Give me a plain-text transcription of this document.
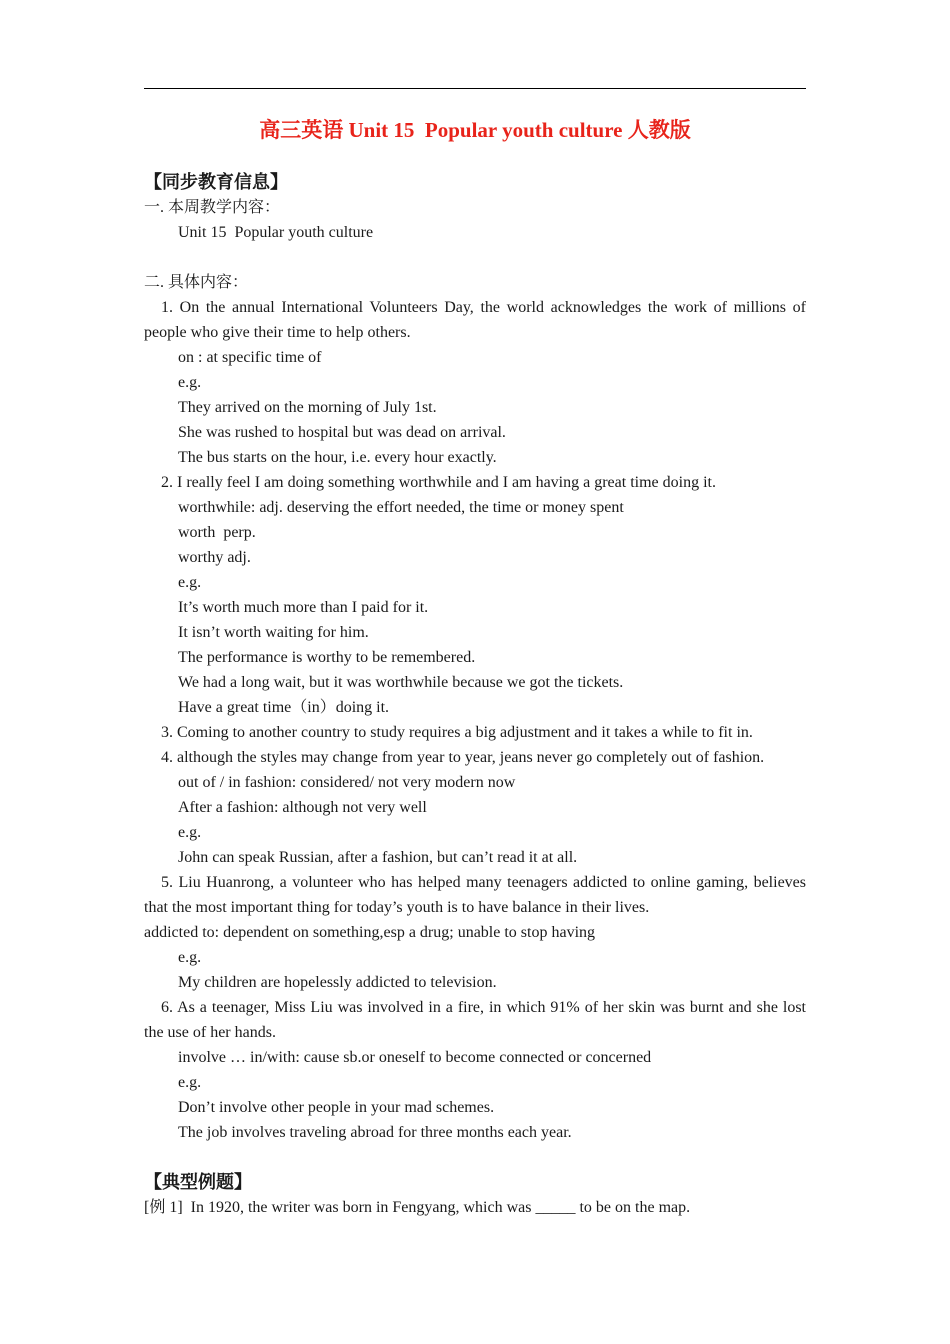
高三英语 Unit 15  Popular youth culture 人教版
【同步教育信息】
一. 本周教学内容：
Unit 15  Popular youth culture
二. 具体内容：
1. On the annual International Volunteers Day, the world acknowledges the work of millions of people who give their time to help others.
on : at specific time of
e.g.
They arrived on the morning of July 1st.
She was rushed to hospital but was dead on arrival.
The bus starts on the hour, i.e. every hour exactly.
2. I really feel I am doing something worthwhile and I am having a great time doing it.
worthwhile: adj. deserving the effort needed, the time or money spent
worth  perp.
worthy adj.
e.g.
It’s worth much more than I paid for it.
It isn’t worth waiting for him.
The performance is worthy to be remembered.
We had a long wait, but it was worthwhile because we got the tickets.
Have a great time（in）doing it.
3. Coming to another country to study requires a big adjustment and it takes a while to fit in.
4. although the styles may change from year to year, jeans never go completely out of fashion.
out of / in fashion: considered/ not very modern now
After a fashion: although not very well
e.g.
John can speak Russian, after a fashion, but can’t read it at all.
5. Liu Huanrong, a volunteer who has helped many teenagers addicted to online gaming, believes that the most important thing for today’s youth is to have balance in their lives.
addicted to: dependent on something,esp a drug; unable to stop having
e.g.
My children are hopelessly addicted to television.
6. As a teenager, Miss Liu was involved in a fire, in which 91% of her skin was burnt and she lost the use of her hands.
involve … in/with: cause sb.or oneself to become connected or concerned
e.g.
Don’t involve other people in your mad schemes.
The job involves traveling abroad for three months each year.
【典型例题】
[例 1]  In 1920, the writer was born in Fengyang, which was _____ to be on the map.
